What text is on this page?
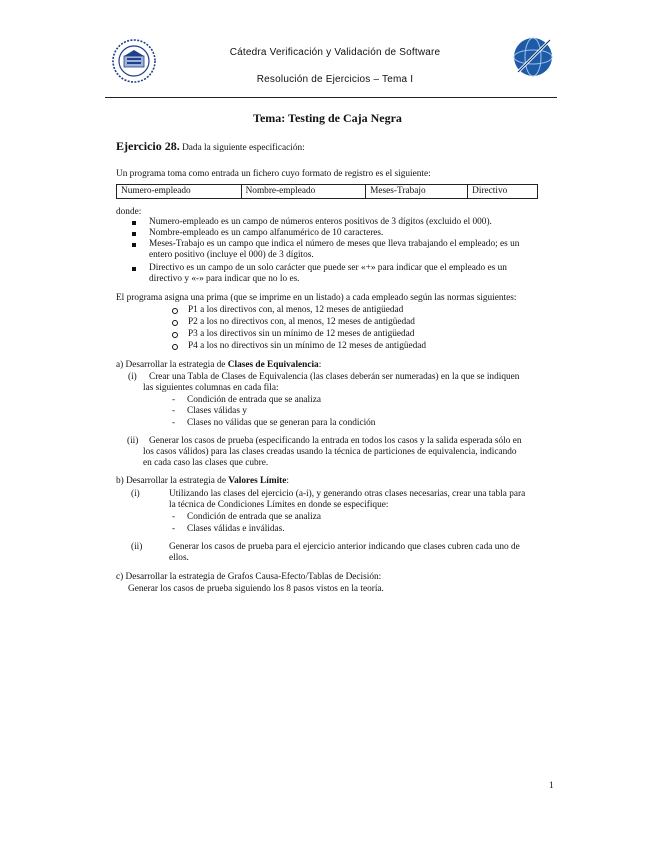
Cátedra Verificación y Validación de Software
Resolución de Ejercicios – Tema I
Tema: Testing de Caja Negra
Ejercicio 28. Dada la siguiente especificación:
Un programa toma como entrada un fichero cuyo formato de registro es el siguiente:
Numero-empleado	Nombre-empleado	Meses-Trabajo	Directivo
donde:
Numero-empleado es un campo de números enteros positivos de 3 dígitos (excluido el 000).
Nombre-empleado es un campo alfanumérico de 10 caracteres.
Meses-Trabajo es un campo que indica el número de meses que lleva trabajando el empleado; es un
entero positivo (incluye el 000) de 3 dígitos.
Directivo es un campo de un solo carácter que puede ser «+» para indicar que el empleado es un
directivo y «-» para indicar que no lo es.
El programa asigna una prima (que se imprime en un listado) a cada empleado según las normas siguientes:
P1 a los directivos con, al menos, 12 meses de antigüedad
P2 a los no directivos con, al menos, 12 meses de antigüedad
P3 a los directivos sin un mínimo de 12 meses de antigüedad
P4 a los no directivos sin un mínimo de 12 meses de antigüedad
a) Desarrollar la estrategia de Clases de Equivalencia:
(i) Crear una Tabla de Clases de Equivalencia (las clases deberán ser numeradas) en la que se indiquen
las siguientes columnas en cada fila:
- Condición de entrada que se analiza
- Clases válidas y
- Clases no válidas que se generan para la condición
(ii) Generar los casos de prueba (especificando la entrada en todos los casos y la salida esperada sólo en
los casos válidos) para las clases creadas usando la técnica de particiones de equivalencia, indicando
en cada caso las clases que cubre.
b) Desarrollar la estrategia de Valores Límite:
(i)	Utilizando las clases del ejercicio (a-i), y generando otras clases necesarias, crear una tabla para
la técnica de Condiciones Límites en donde se especifique:
- Condición de entrada que se analiza
- Clases válidas e inválidas.
(ii)	Generar los casos de prueba para el ejercicio anterior indicando que clases cubren cada uno de
ellos.
c) Desarrollar la estrategia de Grafos Causa-Efecto/Tablas de Decisión:
Generar los casos de prueba siguiendo los 8 pasos vistos en la teoría.
1
